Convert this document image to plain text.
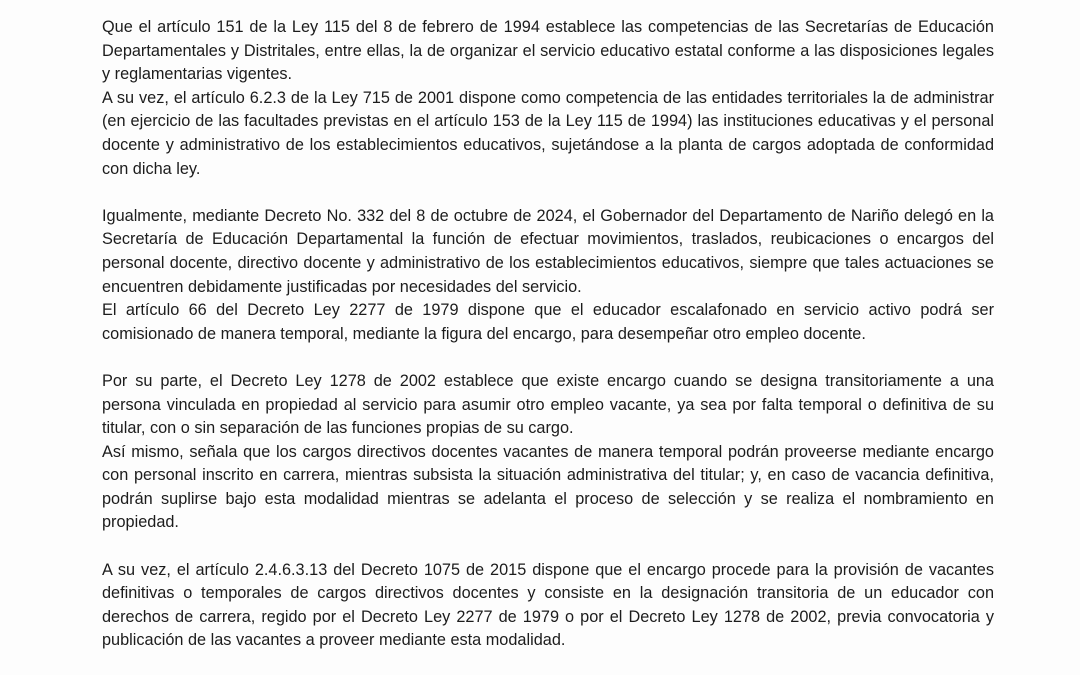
Que el artículo 151 de la Ley 115 del 8 de febrero de 1994 establece las competencias de las Secretarías de Educación Departamentales y Distritales, entre ellas, la de organizar el servicio educativo estatal conforme a las disposiciones legales y reglamentarias vigentes.

A su vez, el artículo 6.2.3 de la Ley 715 de 2001 dispone como competencia de las entidades territoriales la de administrar (en ejercicio de las facultades previstas en el artículo 153 de la Ley 115 de 1994) las instituciones educativas y el personal docente y administrativo de los establecimientos educativos, sujetándose a la planta de cargos adoptada de conformidad con dicha ley.

Igualmente, mediante Decreto No. 332 del 8 de octubre de 2024, el Gobernador del Departamento de Nariño delegó en la Secretaría de Educación Departamental la función de efectuar movimientos, traslados, reubicaciones o encargos del personal docente, directivo docente y administrativo de los establecimientos educativos, siempre que tales actuaciones se encuentren debidamente justificadas por necesidades del servicio.

El artículo 66 del Decreto Ley 2277 de 1979 dispone que el educador escalafonado en servicio activo podrá ser comisionado de manera temporal, mediante la figura del encargo, para desempeñar otro empleo docente.

Por su parte, el Decreto Ley 1278 de 2002 establece que existe encargo cuando se designa transitoriamente a una persona vinculada en propiedad al servicio para asumir otro empleo vacante, ya sea por falta temporal o definitiva de su titular, con o sin separación de las funciones propias de su cargo.

Así mismo, señala que los cargos directivos docentes vacantes de manera temporal podrán proveerse mediante encargo con personal inscrito en carrera, mientras subsista la situación administrativa del titular; y, en caso de vacancia definitiva, podrán suplirse bajo esta modalidad mientras se adelanta el proceso de selección y se realiza el nombramiento en propiedad.

A su vez, el artículo 2.4.6.3.13 del Decreto 1075 de 2015 dispone que el encargo procede para la provisión de vacantes definitivas o temporales de cargos directivos docentes y consiste en la designación transitoria de un educador con derechos de carrera, regido por el Decreto Ley 2277 de 1979 o por el Decreto Ley 1278 de 2002, previa convocatoria y publicación de las vacantes a proveer mediante esta modalidad.
